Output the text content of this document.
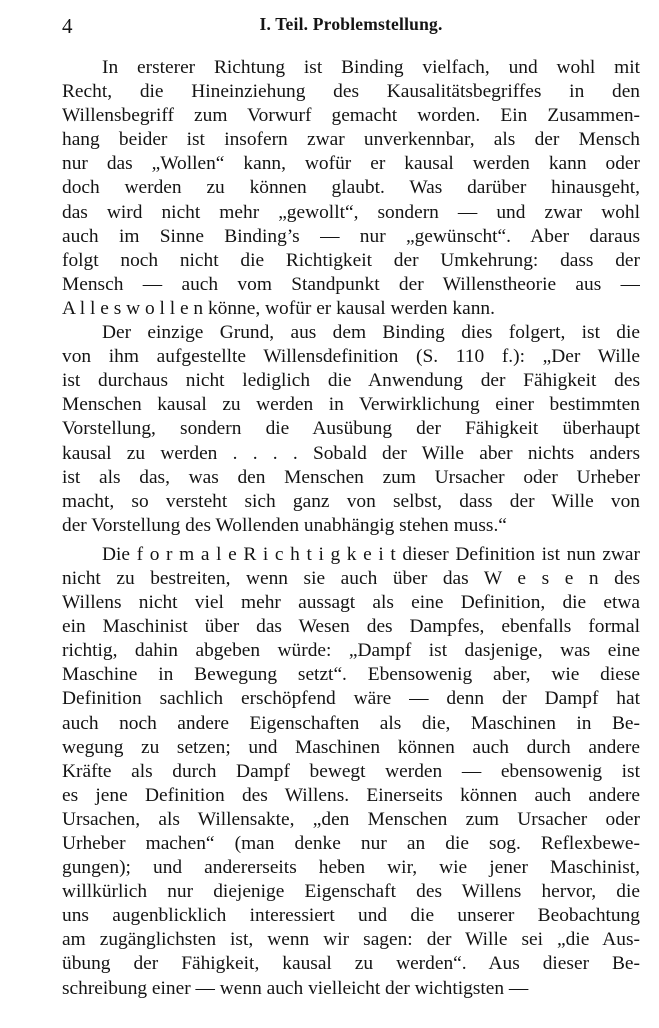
4	I. Teil. Problemstellung.
In ersterer Richtung ist Binding vielfach, und wohl mit
Recht, die Hineinziehung des Kausalitätsbegriffes in den
Willensbegriff zum Vorwurf gemacht worden. Ein Zusammen-
hang beider ist insofern zwar unverkennbar, als der Mensch
nur das „Wollen“ kann, wofür er kausal werden kann oder
doch werden zu können glaubt. Was darüber hinausgeht,
das wird nicht mehr „gewollt“, sondern — und zwar wohl
auch im Sinne Binding’s — nur „gewünscht“. Aber daraus
folgt noch nicht die Richtigkeit der Umkehrung: dass der
Mensch — auch vom Standpunkt der Willenstheorie aus —
A l l e s w o l l e n könne, wofür er kausal werden kann.
Der einzige Grund, aus dem Binding dies folgert, ist die
von ihm aufgestellte Willensdefinition (S. 110 f.): „Der Wille
ist durchaus nicht lediglich die Anwendung der Fähigkeit des
Menschen kausal zu werden in Verwirklichung einer bestimmten
Vorstellung, sondern die Ausübung der Fähigkeit überhaupt
kausal zu werden . . . . Sobald der Wille aber nichts anders
ist als das, was den Menschen zum Ursacher oder Urheber
macht, so versteht sich ganz von selbst, dass der Wille von
der Vorstellung des Wollenden unabhängig stehen muss.“
Die f o r m a l e R i c h t i g k e i t dieser Definition ist nun zwar
nicht zu bestreiten, wenn sie auch über das W e s e n des
Willens nicht viel mehr aussagt als eine Definition, die etwa
ein Maschinist über das Wesen des Dampfes, ebenfalls formal
richtig, dahin abgeben würde: „Dampf ist dasjenige, was eine
Maschine in Bewegung setzt“. Ebensowenig aber, wie diese
Definition sachlich erschöpfend wäre — denn der Dampf hat
auch noch andere Eigenschaften als die, Maschinen in Be-
wegung zu setzen; und Maschinen können auch durch andere
Kräfte als durch Dampf bewegt werden — ebensowenig ist
es jene Definition des Willens. Einerseits können auch andere
Ursachen, als Willensakte, „den Menschen zum Ursacher oder
Urheber machen“ (man denke nur an die sog. Reflexbewe-
gungen); und andererseits heben wir, wie jener Maschinist,
willkürlich nur diejenige Eigenschaft des Willens hervor, die
uns augenblicklich interessiert und die unserer Beobachtung
am zugänglichsten ist, wenn wir sagen: der Wille sei „die Aus-
übung der Fähigkeit, kausal zu werden“. Aus dieser Be-
schreibung einer — wenn auch vielleicht der wichtigsten —
